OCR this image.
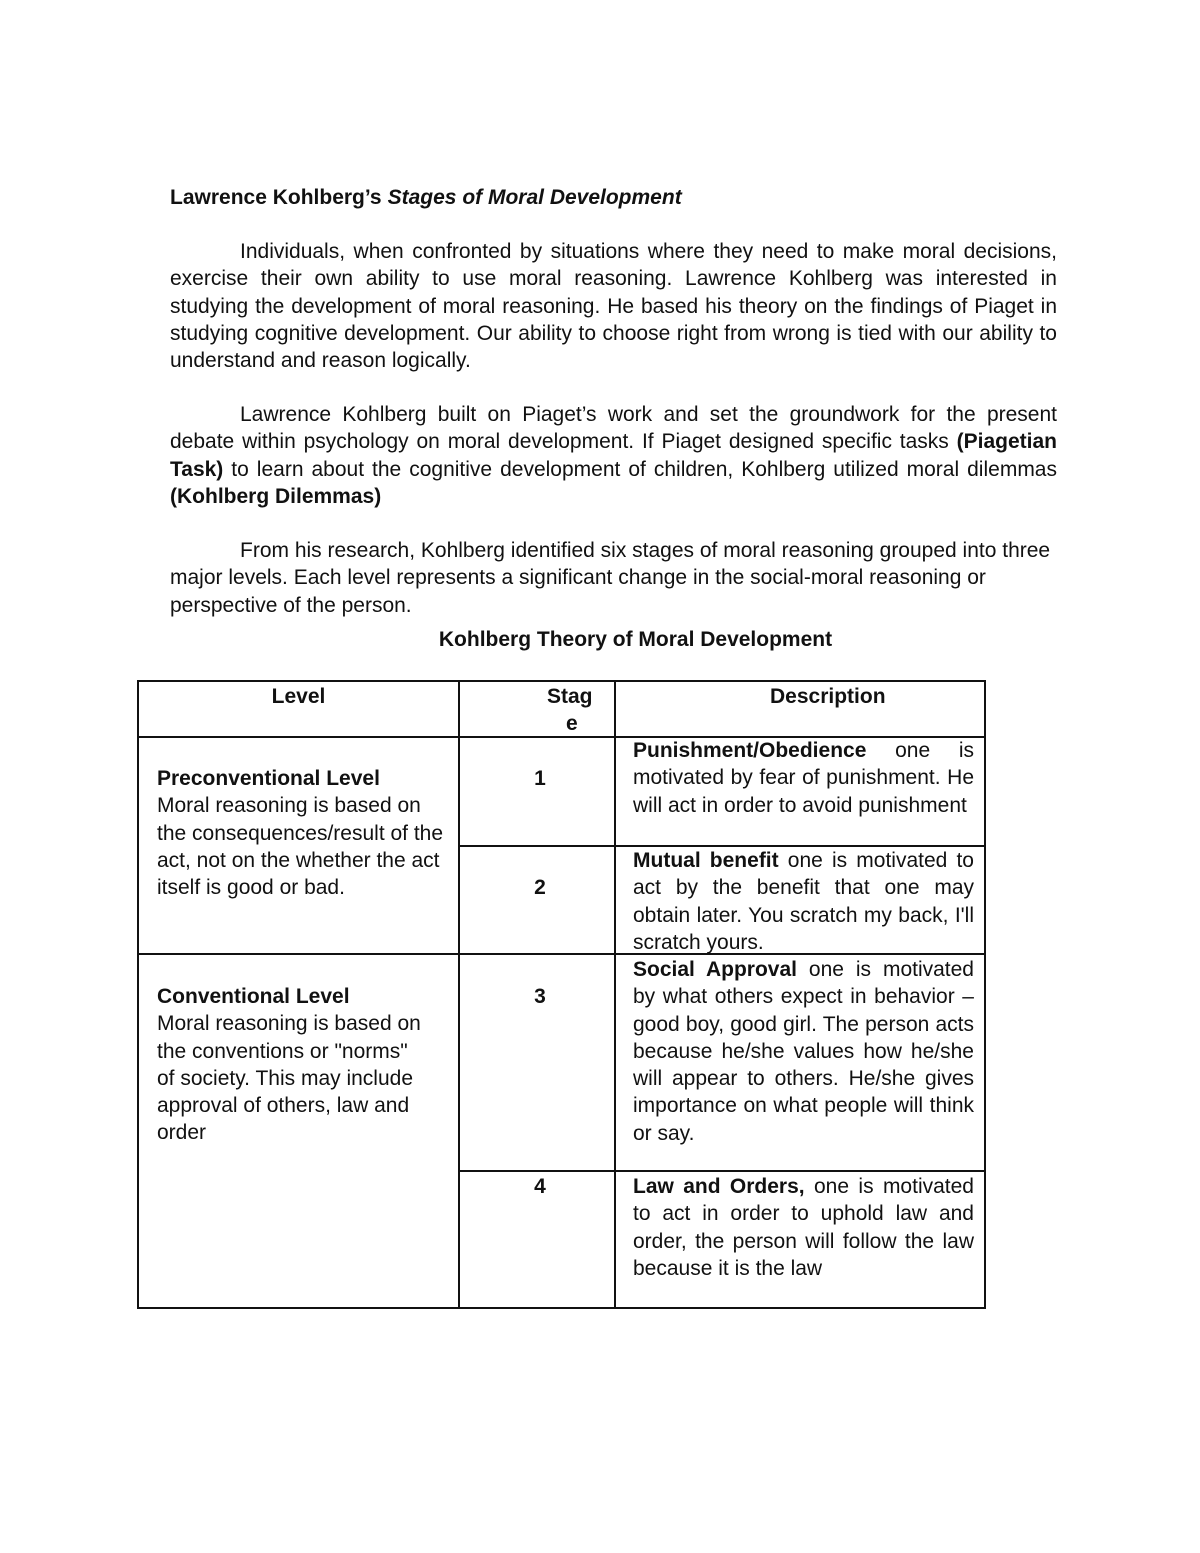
Lawrence Kohlberg’s Stages of Moral Development
Individuals, when confronted by situations where they need to make moral decisions, exercise their own ability to use moral reasoning. Lawrence Kohlberg was interested in studying the development of moral reasoning. He based his theory on the findings of Piaget in studying cognitive development. Our ability to choose right from wrong is tied with our ability to understand and reason logically.
Lawrence Kohlberg built on Piaget’s work and set the groundwork for the present debate within psychology on moral development. If Piaget designed specific tasks (Piagetian Task) to learn about the cognitive development of children, Kohlberg utilized moral dilemmas (Kohlberg Dilemmas)
From his research, Kohlberg identified six stages of moral reasoning grouped into three major levels. Each level represents a significant change in the social-moral reasoning or perspective of the person.
Kohlberg Theory of Moral Development
Level	Stag
e
Description
Preconventional Level
Moral reasoning is based on the consequences/result of the act, not on the whether the act itself is good or bad.
Conventional Level
Moral reasoning is based on the conventions or "norms" of society. This may include approval of others, law and order
1
2
3
4
Punishment/Obedience one is motivated by fear of punishment. He will act in order to avoid punishment
Mutual benefit one is motivated to act by the benefit that one may obtain later. You scratch my back, I'll scratch yours.
Social Approval one is motivated by what others expect in behavior – good boy, good girl. The person acts because he/she values how he/she will appear to others. He/she gives importance on what people will think or say.
Law and Orders, one is motivated to act in order to uphold law and order, the person will follow the law because it is the law
